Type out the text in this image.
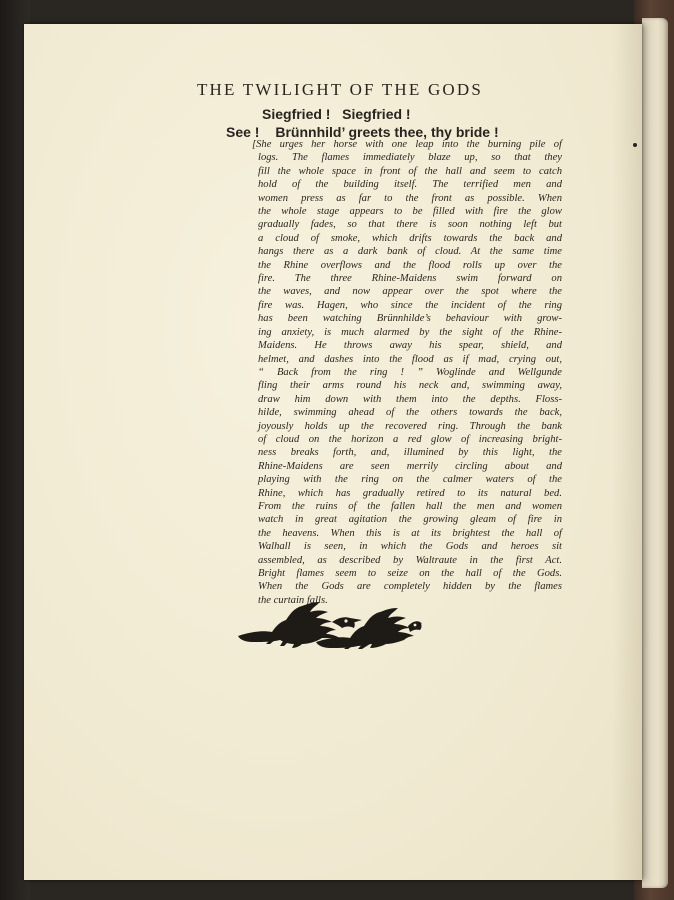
THE TWILIGHT OF THE GODS
Siegfried !   Siegfried !
See ! Brünnhild’ greets thee, thy bride !
[She urges her horse with one leap into the burning pile of
logs. The flames immediately blaze up, so that they
fill the whole space in front of the hall and seem to catch
hold of the building itself. The terrified men and
women press as far to the front as possible. When
the whole stage appears to be filled with fire the glow
gradually fades, so that there is soon nothing left but
a cloud of smoke, which drifts towards the back and
hangs there as a dark bank of cloud. At the same time
the Rhine overflows and the flood rolls up over the
fire. The three Rhine-Maidens swim forward on
the waves, and now appear over the spot where the
fire was. Hagen, who since the incident of the ring
has been watching Brünnhilde’s behaviour with grow-
ing anxiety, is much alarmed by the sight of the Rhine-
Maidens. He throws away his spear, shield, and
helmet, and dashes into the flood as if mad, crying out,
“ Back from the ring ! ” Woglinde and Wellgunde
fling their arms round his neck and, swimming away,
draw him down with them into the depths. Floss-
hilde, swimming ahead of the others towards the back,
joyously holds up the recovered ring. Through the bank
of cloud on the horizon a red glow of increasing bright-
ness breaks forth, and, illumined by this light, the
Rhine-Maidens are seen merrily circling about and
playing with the ring on the calmer waters of the
Rhine, which has gradually retired to its natural bed.
From the ruins of the fallen hall the men and women
watch in great agitation the growing gleam of fire in
the heavens. When this is at its brightest the hall of
Walhall is seen, in which the Gods and heroes sit
assembled, as described by Waltraute in the first Act.
Bright flames seem to seize on the hall of the Gods.
When the Gods are completely hidden by the flames
the curtain falls.
